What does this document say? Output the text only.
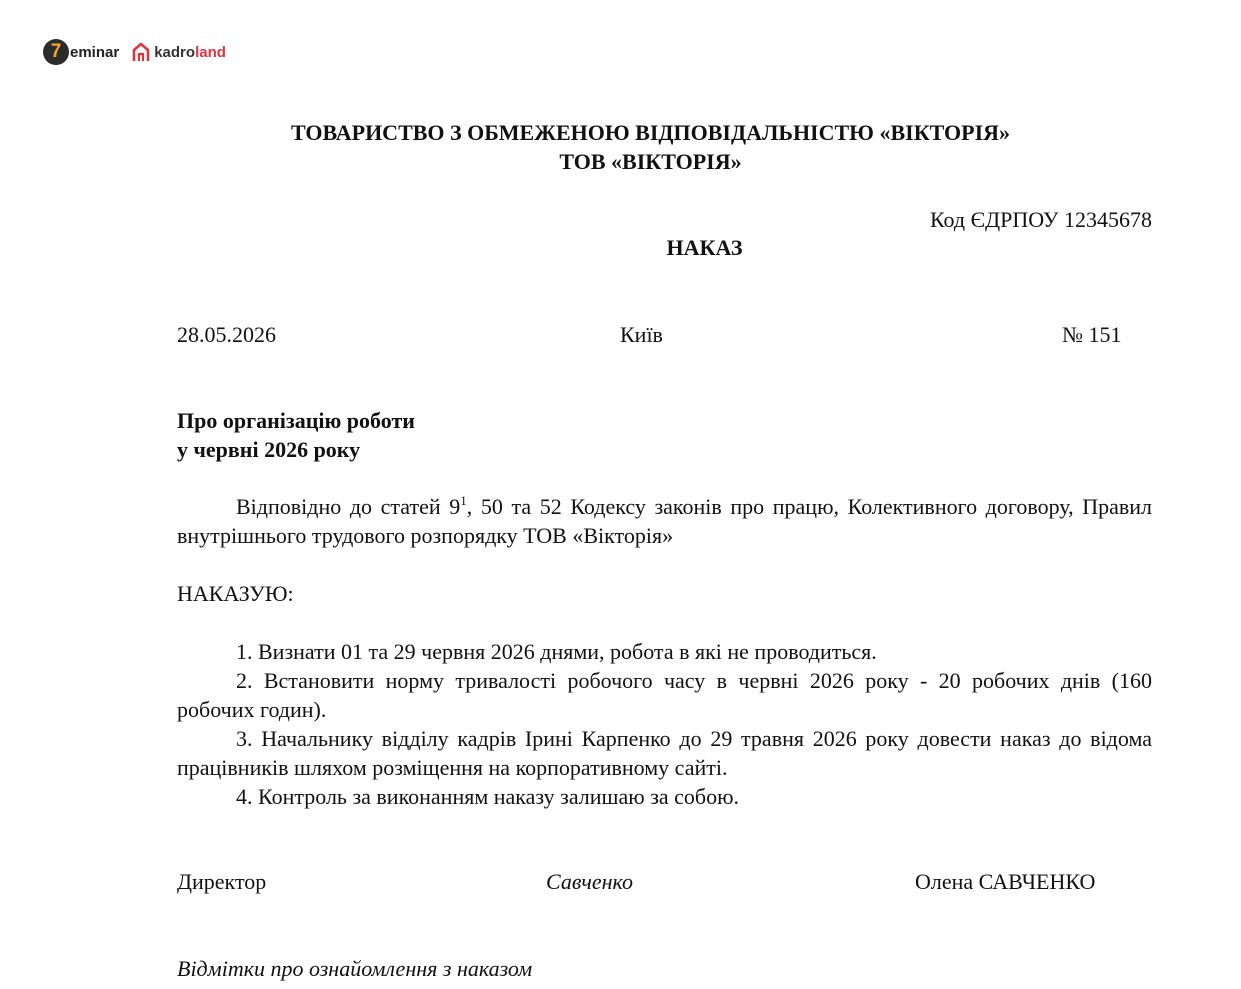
7 eminar kadro land
ТОВАРИСТВО З ОБМЕЖЕНОЮ ВІДПОВІДАЛЬНІСТЮ «ВІКТОРІЯ»
ТОВ «ВІКТОРІЯ»
Код ЄДРПОУ 12345678
НАКАЗ
28.05.2026	Київ	№ 151
Про організацію роботи
у червні 2026 року
Відповідно до статей $9^1$, 50 та 52 Кодексу законів про працю, Колективного договору, Правил внутрішнього трудового розпорядку ТОВ «Вікторія»
НАКАЗУЮ:

1. Визнати 01 та 29 червня 2026 днями, робота в які не проводиться.

2. Встановити норму тривалості робочого часу в червні 2026 року - 20 робочих днів (160 робочих годин).

3. Начальнику відділу кадрів Ірині Карпенко до 29 травня 2026 року довести наказ до відома працівників шляхом розміщення на корпоративному сайті.

4. Контроль за виконанням наказу залишаю за собою.

Директор	Савченко	Олена САВЧЕНКО
Відмітки про ознайомлення з наказом
